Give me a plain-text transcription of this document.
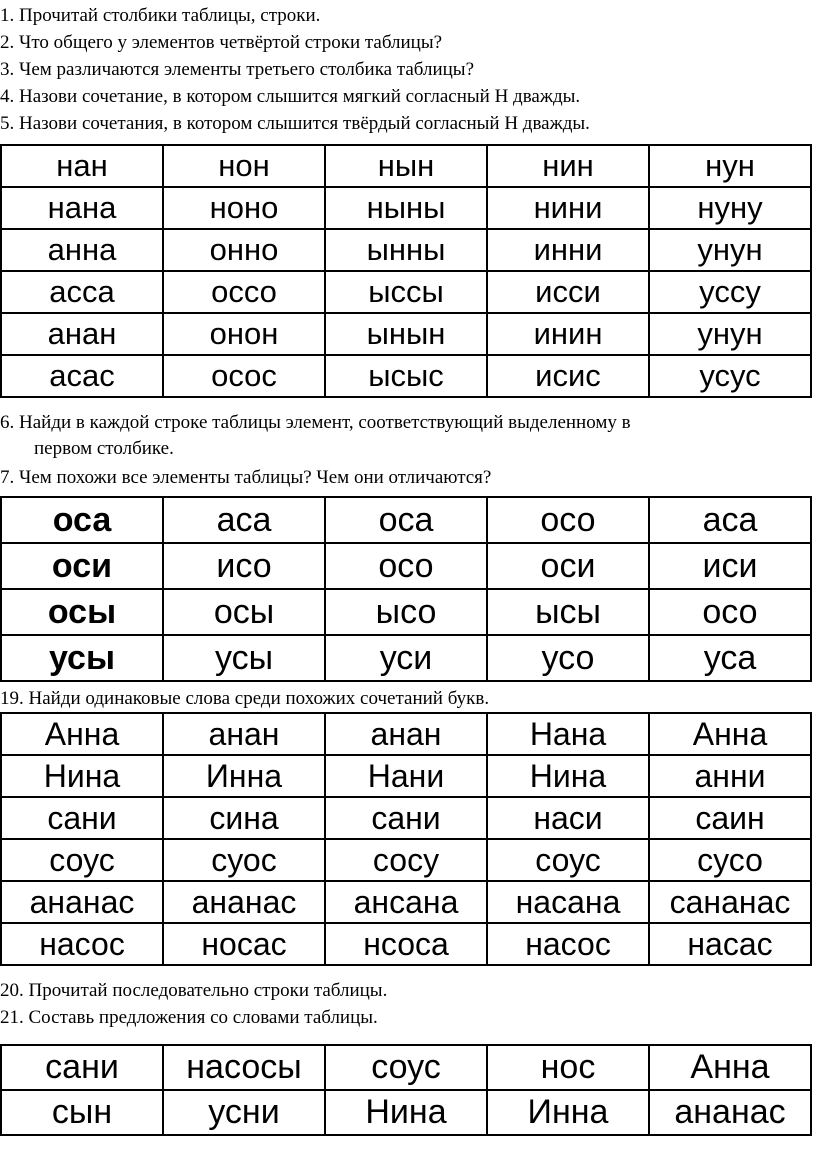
1. Прочитай столбики таблицы, строки.
2. Что общего у элементов четвёртой строки таблицы?
3. Чем различаются элементы третьего столбика таблицы?
4. Назови сочетание, в котором слышится мягкий согласный Н дважды.
5. Назови сочетания, в котором слышится твёрдый согласный Н дважды.
нан	нон	нын	нин	нун
нана	ноно	ныны	нини	нуну
анна	онно	ынны	инни	унун
асса	оссо	ыссы	исси	уссу
анан	онон	ынын	инин	унун
асас	осос	ысыс	исис	усус
6. Найди в каждой строке таблицы элемент, соответствующий выделенному в
первом столбике.
7. Чем похожи все элементы таблицы? Чем они отличаются?
оса	аса	оса	осо	аса
оси	исо	осо	оси	иси
осы	осы	ысо	ысы	осо
усы	усы	уси	усо	уса
19. Найди одинаковые слова среди похожих сочетаний букв.
Анна	анан	анан	Нана	Анна
Нина	Инна	Нани	Нина	анни
сани	сина	сани	наси	саин
соус	суос	сосу	соус	сусо
ананас	ананас	ансана	насана	сананас
насос	носас	нсоса	насос	насас
20. Прочитай последовательно строки таблицы.
21. Составь предложения со словами таблицы.
сани	насосы	соус	нос	Анна
сын	усни	Нина	Инна	ананас
